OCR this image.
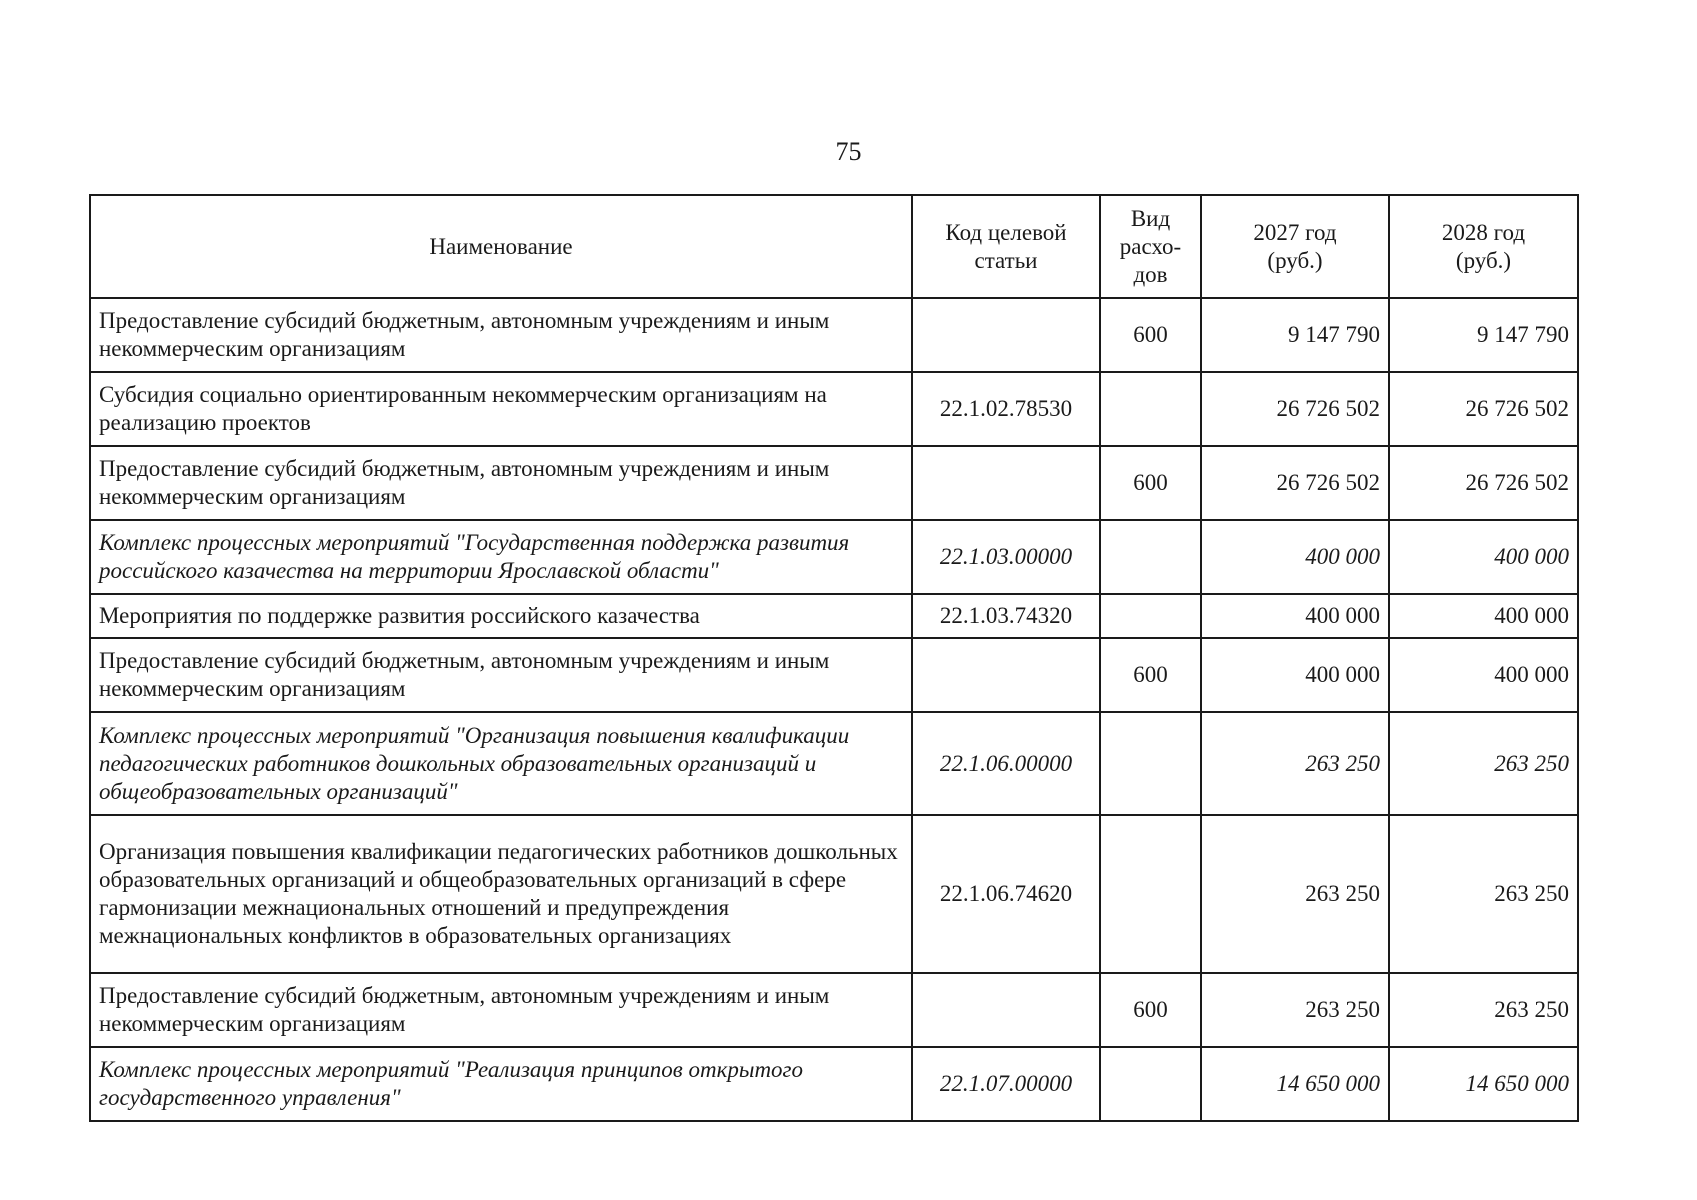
75
Наименование	Код целевой статьи	Вид расхо-дов	2027 год (руб.)	2028 год (руб.)
Предоставление субсидий бюджетным, автономным учреждениям и иным некоммерческим организациям		600	9 147 790	9 147 790
Субсидия социально ориентированным некоммерческим организациям на реализацию проектов	22.1.02.78530		26 726 502	26 726 502
Предоставление субсидий бюджетным, автономным учреждениям и иным некоммерческим организациям		600	26 726 502	26 726 502
Комплекс процессных мероприятий "Государственная поддержка развития российского казачества на территории Ярославской области"	22.1.03.00000		400 000	400 000
Мероприятия по поддержке развития российского казачества	22.1.03.74320		400 000	400 000
Предоставление субсидий бюджетным, автономным учреждениям и иным некоммерческим организациям		600	400 000	400 000
Комплекс процессных мероприятий "Организация повышения квалификации педагогических работников дошкольных образовательных организаций и общеобразовательных организаций"	22.1.06.00000		263 250	263 250
Организация повышения квалификации педагогических работников дошкольных образовательных организаций и общеобразовательных организаций в сфере гармонизации межнациональных отношений и предупреждения межнациональных конфликтов в образовательных организациях	22.1.06.74620		263 250	263 250
Предоставление субсидий бюджетным, автономным учреждениям и иным некоммерческим организациям		600	263 250	263 250
Комплекс процессных мероприятий "Реализация принципов открытого государственного управления"	22.1.07.00000		14 650 000	14 650 000
